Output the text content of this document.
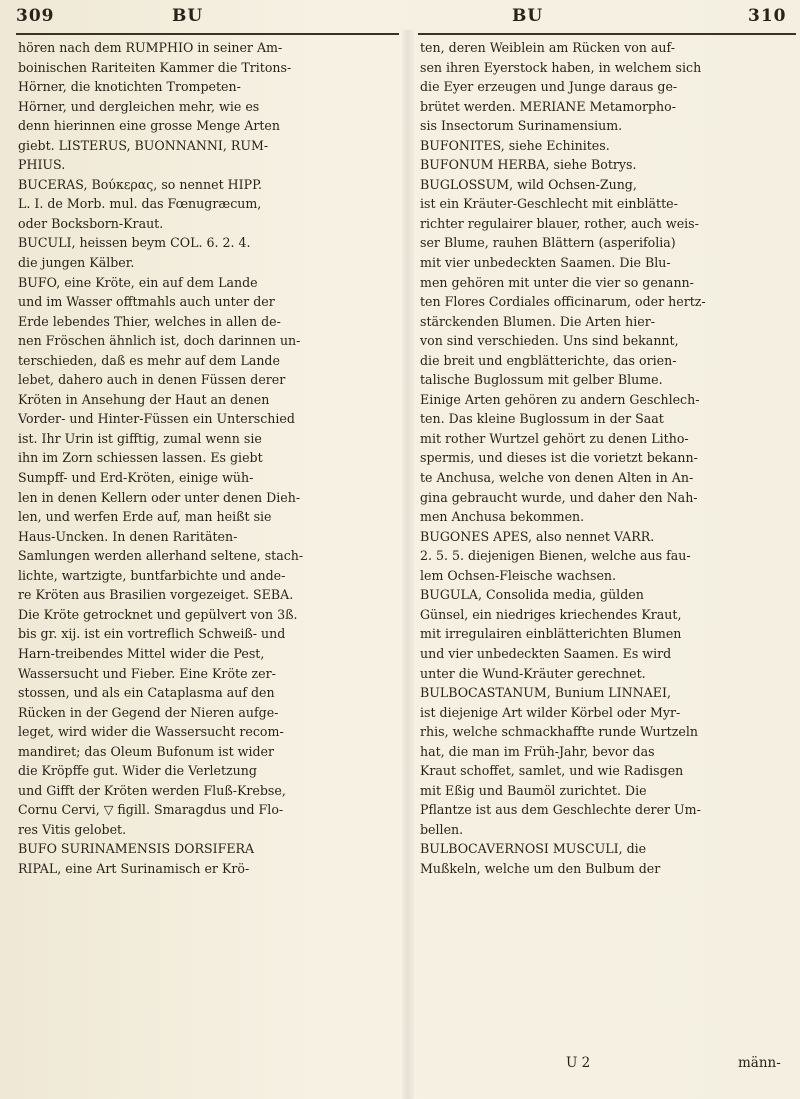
309	BU	BU	310
hören nach dem RUMPHIO in seiner Am-
boinischen Rariteiten Kammer die Tritons-
Hörner, die knotichten Trompeten-
Hörner, und dergleichen mehr, wie es
denn hierinnen eine grosse Menge Arten
giebt. LISTERUS, BUONNANNI, RUM-
PHIUS.
BUCERAS, Βούκερας, so nennet HIPP.
L. I. de Morb. mul. das Fœnugræcum,
oder Bocksborn-Kraut.
BUCULI, heissen beym COL. 6. 2. 4.
die jungen Kälber.
BUFO, eine Kröte, ein auf dem Lande
und im Wasser offtmahls auch unter der
Erde lebendes Thier, welches in allen de-
nen Fröschen ähnlich ist, doch darinnen un-
terschieden, daß es mehr auf dem Lande
lebet, dahero auch in denen Füssen derer
Kröten in Ansehung der Haut an denen
Vorder- und Hinter-Füssen ein Unterschied
ist. Ihr Urin ist gifftig, zumal wenn sie
ihn im Zorn schiessen lassen. Es giebt
Sumpff- und Erd-Kröten, einige wüh-
len in denen Kellern oder unter denen Dieh-
len, und werfen Erde auf, man heißt sie
Haus-Uncken. In denen Raritäten-
Samlungen werden allerhand seltene, stach-
lichte, wartzigte, buntfarbichte und ande-
re Kröten aus Brasilien vorgezeiget. SEBA.
Die Kröte getrocknet und gepülvert von 3ß.
bis gr. xij. ist ein vortreflich Schweiß- und
Harn-treibendes Mittel wider die Pest,
Wassersucht und Fieber. Eine Kröte zer-
stossen, und als ein Cataplasma auf den
Rücken in der Gegend der Nieren aufge-
leget, wird wider die Wassersucht recom-
mandiret; das Oleum Bufonum ist wider
die Kröpffe gut. Wider die Verletzung
und Gifft der Kröten werden Fluß-Krebse,
Cornu Cervi, ▽ figill. Smaragdus und Flo-
res Vitis gelobet.
BUFO SURINAMENSIS DORSIFERA
RIPAL, eine Art Surinamisch er Krö-
ten, deren Weiblein am Rücken von auf-
sen ihren Eyerstock haben, in welchem sich
die Eyer erzeugen und Junge daraus ge-
brütet werden. MERIANE Metamorpho-
sis Insectorum Surinamensium.
BUFONITES, siehe Echinites.
BUFONUM HERBA, siehe Botrys.
BUGLOSSUM, wild Ochsen-Zung,
ist ein Kräuter-Geschlecht mit einblätte-
richter regulairer blauer, rother, auch weis-
ser Blume, rauhen Blättern (asperifolia)
mit vier unbedeckten Saamen. Die Blu-
men gehören mit unter die vier so genann-
ten Flores Cordiales officinarum, oder hertz-
stärckenden Blumen. Die Arten hier-
von sind verschieden. Uns sind bekannt,
die breit und engblätterichte, das orien-
talische Buglossum mit gelber Blume.
Einige Arten gehören zu andern Geschlech-
ten. Das kleine Buglossum in der Saat
mit rother Wurtzel gehört zu denen Litho-
spermis, und dieses ist die vorietzt bekann-
te Anchusa, welche von denen Alten in An-
gina gebraucht wurde, und daher den Nah-
men Anchusa bekommen.
BUGONES APES, also nennet VARR.
2. 5. 5. diejenigen Bienen, welche aus fau-
lem Ochsen-Fleische wachsen.
BUGULA, Consolida media, gülden
Günsel, ein niedriges kriechendes Kraut,
mit irregulairen einblätterichten Blumen
und vier unbedeckten Saamen. Es wird
unter die Wund-Kräuter gerechnet.
BULBOCASTANUM, Bunium LINNAEI,
ist diejenige Art wilder Körbel oder Myr-
rhis, welche schmackhaffte runde Wurtzeln
hat, die man im Früh-Jahr, bevor das
Kraut schoffet, samlet, und wie Radisgen
mit Eßig und Baumöl zurichtet. Die
Pflantze ist aus dem Geschlechte derer Um-
bellen.
BULBOCAVERNOSI MUSCULI, die
Mußkeln, welche um den Bulbum der
U 2	männ-
